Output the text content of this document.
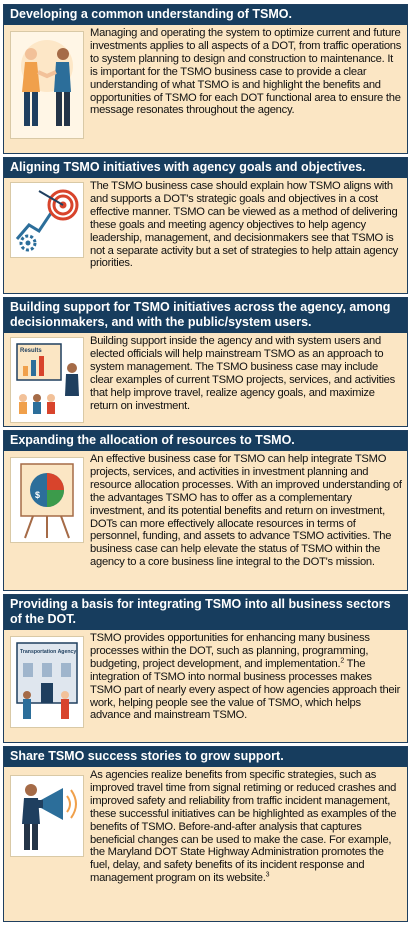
Developing a common understanding of TSMO.
Managing and operating the system to optimize current and future investments applies to all aspects of a DOT, from traffic operations to system planning to design and construction to maintenance. It is important for the TSMO business case to provide a clear understanding of what TSMO is and highlight the benefits and opportunities of TSMO for each DOT functional area to ensure the message resonates throughout the agency.
Aligning TSMO initiatives with agency goals and objectives.
The TSMO business case should explain how TSMO aligns with and supports a DOT's strategic goals and objectives in a cost effective manner. TSMO can be viewed as a method of delivering these goals and meeting agency objectives to help agency leadership, management, and decisionmakers see that TSMO is not a separate activity but a set of strategies to help attain agency priorities.
Building support for TSMO initiatives across the agency, among decisionmakers, and with the public/system users.
Results
Building support inside the agency and with system users and elected officials will help mainstream TSMO as an approach to system management. The TSMO business case may include clear examples of current TSMO projects, services, and activities that help improve travel, realize agency goals, and maximize return on investment.
Expanding the allocation of resources to TSMO.
$
An effective business case for TSMO can help integrate TSMO projects, services, and activities in investment planning and resource allocation processes. With an improved understanding of the advantages TSMO has to offer as a complementary investment, and its potential benefits and return on investment, DOTs can more effectively allocate resources in terms of personnel, funding, and assets to advance TSMO activities. The business case can help elevate the status of TSMO within the agency to a core business line integral to the DOT's mission.
Providing a basis for integrating TSMO into all business sectors of the DOT.
Transportation Agency
TSMO provides opportunities for enhancing many business processes within the DOT, such as planning, programming, budgeting, project development, and implementation.$^2$ The integration of TSMO into normal business processes makes TSMO part of nearly every aspect of how agencies approach their work, helping people see the value of TSMO, which helps advance and mainstream TSMO.
Share TSMO success stories to grow support.
As agencies realize benefits from specific strategies, such as improved travel time from signal retiming or reduced crashes and improved safety and reliability from traffic incident management, these successful initiatives can be highlighted as examples of the benefits of TSMO. Before-and-after analysis that captures beneficial changes can be used to make the case. For example, the Maryland DOT State Highway Administration promotes the fuel, delay, and safety benefits of its incident response and management program on its website.$^3$
